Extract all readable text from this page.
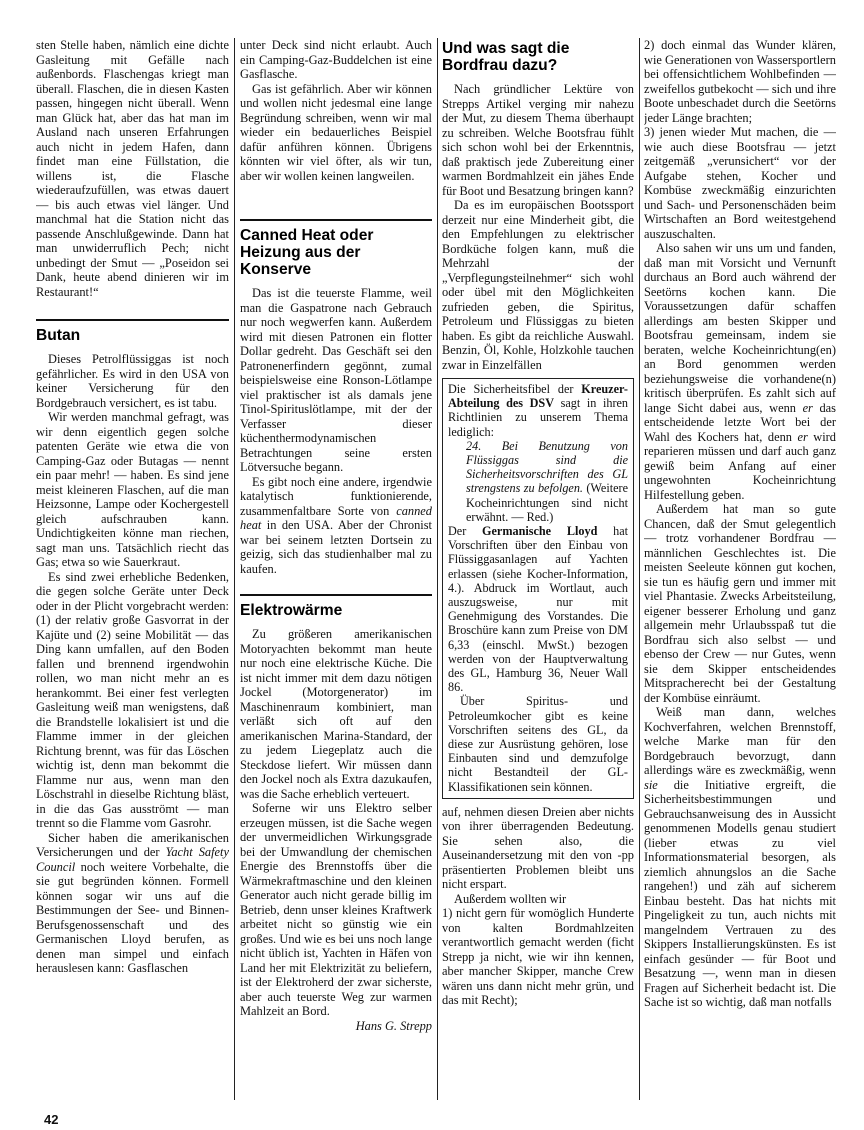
sten Stelle haben, nämlich eine dichte Gasleitung mit Gefälle nach außenbords. Flaschengas kriegt man überall. Flaschen, die in diesen Kasten passen, hingegen nicht überall. Wenn man Glück hat, aber das hat man im Ausland nach unseren Erfahrungen auch nicht in jedem Hafen, dann findet man eine Füllstation, die willens ist, die Flasche wiederaufzufüllen, was etwas dauert — bis auch etwas viel länger. Und manchmal hat die Station nicht das passende Anschlußgewinde. Dann hat man unwiderruflich Pech; nicht unbedingt der Smut — „Poseidon sei Dank, heute abend dinieren wir im Restaurant!“

Butan

Dieses Petrolflüssiggas ist noch gefährlicher. Es wird in den USA von keiner Versicherung für den Bordgebrauch versichert, es ist tabu.

Wir werden manchmal gefragt, was wir denn eigentlich gegen solche patenten Geräte wie etwa die von Camping-Gaz oder Butagas — nennt ein paar mehr! — haben. Es sind jene meist kleineren Flaschen, auf die man Heizsonne, Lampe oder Kochergestell gleich aufschrauben kann. Undichtigkeiten könne man riechen, sagt man uns. Tatsächlich riecht das Gas; etwa so wie Sauerkraut.

Es sind zwei erhebliche Bedenken, die gegen solche Geräte unter Deck oder in der Plicht vorgebracht werden: (1) der relativ große Gasvorrat in der Kajüte und (2) seine Mobilität — das Ding kann umfallen, auf den Boden fallen und brennend irgendwohin rollen, wo man nicht mehr an es herankommt. Bei einer fest verlegten Gasleitung weiß man wenigstens, daß die Brandstelle lokalisiert ist und die Flamme immer in der gleichen Richtung brennt, was für das Löschen wichtig ist, denn man bekommt die Flamme nur aus, wenn man den Löschstrahl in dieselbe Richtung bläst, in die das Gas ausströmt — man trennt so die Flamme vom Gasrohr.

Sicher haben die amerikanischen Versicherungen und der Yacht Safety Council noch weitere Vorbehalte, die sie gut begründen können. Formell können sogar wir uns auf die Bestimmungen der See- und Binnen-Berufsgenossenschaft und des Germanischen Lloyd berufen, as denen man simpel und einfach herauslesen kann: Gasflaschen

unter Deck sind nicht erlaubt. Auch ein Camping-Gaz-Buddelchen ist eine Gasflasche.

Gas ist gefährlich. Aber wir können und wollen nicht jedesmal eine lange Begründung schreiben, wenn wir mal wieder ein bedauerliches Beispiel dafür anführen können. Übrigens könnten wir viel öfter, als wir tun, aber wir wollen keinen langweilen.

Canned Heat oder Heizung aus der Konserve

Das ist die teuerste Flamme, weil man die Gaspatrone nach Gebrauch nur noch wegwerfen kann. Außerdem wird mit diesen Patronen ein flotter Dollar gedreht. Das Geschäft sei den Patronenerfindern gegönnt, zumal beispielsweise eine Ronson-Lötlampe viel praktischer ist als damals jene Tinol-Spirituslötlampe, mit der der Verfasser dieser küchenthermodynamischen Betrachtungen seine ersten Lötversuche begann.

Es gibt noch eine andere, irgendwie katalytisch funktionierende, zusammenfaltbare Sorte von canned heat in den USA. Aber der Chronist war bei seinem letzten Dortsein zu geizig, sich das studienhalber mal zu kaufen.

Elektrowärme

Zu größeren amerikanischen Motoryachten bekommt man heute nur noch eine elektrische Küche. Die ist nicht immer mit dem dazu nötigen Jockel (Motorgenerator) im Maschinenraum kombiniert, man verläßt sich oft auf den amerikanischen Marina-Standard, der zu jedem Liegeplatz auch die Steckdose liefert. Wir müssen dann den Jockel noch als Extra dazukaufen, was die Sache erheblich verteuert.

Soferne wir uns Elektro selber erzeugen müssen, ist die Sache wegen der unvermeidlichen Wirkungsgrade bei der Umwandlung der chemischen Energie des Brennstoffs über die Wärmekraftmaschine und den kleinen Generator auch nicht gerade billig im Betrieb, denn unser kleines Kraftwerk arbeitet nicht so günstig wie ein großes. Und wie es bei uns noch lange nicht üblich ist, Yachten in Häfen von Land her mit Elektrizität zu beliefern, ist der Elektroherd der zwar sicherste, aber auch teuerste Weg zur warmen Mahlzeit an Bord.

Hans G. Strepp

Und was sagt die Bordfrau dazu?

Nach gründlicher Lektüre von Strepps Artikel verging mir nahezu der Mut, zu diesem Thema überhaupt zu schreiben. Welche Bootsfrau fühlt sich schon wohl bei der Erkenntnis, daß praktisch jede Zubereitung einer warmen Bordmahlzeit ein jähes Ende für Boot und Besatzung bringen kann?

Da es im europäischen Bootssport derzeit nur eine Minderheit gibt, die den Empfehlungen zu elektrischer Bordküche folgen kann, muß die Mehrzahl der „Verpflegungsteilnehmer“ sich wohl oder übel mit den Möglichkeiten zufrieden geben, die Spiritus, Petroleum und Flüssiggas zu bieten haben. Es gibt da reichliche Auswahl. Benzin, Öl, Kohle, Holzkohle tauchen zwar in Einzelfällen

Die Sicherheitsfibel der Kreuzer-Abteilung des DSV sagt in ihren Richtlinien zu unserem Thema lediglich:

24. Bei Benutzung von Flüssiggas sind die Sicherheitsvorschriften des GL strengstens zu befolgen. (Weitere Kocheinrichtungen sind nicht erwähnt. — Red.)

Der Germanische Lloyd hat Vorschriften über den Einbau von Flüssiggasanlagen auf Yachten erlassen (siehe Kocher-Information, 4.). Abdruck im Wortlaut, auch auszugsweise, nur mit Genehmigung des Vorstandes. Die Broschüre kann zum Preise von DM 6,33 (einschl. MwSt.) bezogen werden von der Hauptverwaltung des GL, Hamburg 36, Neuer Wall 86.

Über Spiritus- und Petroleumkocher gibt es keine Vorschriften seitens des GL, da diese zur Ausrüstung gehören, lose Einbauten sind und demzufolge nicht Bestandteil der GL-Klassifikationen sein können.

auf, nehmen diesen Dreien aber nichts von ihrer überragenden Bedeutung. Sie sehen also, die Auseinandersetzung mit den von -pp präsentierten Problemen bleibt uns nicht erspart.

Außerdem wollten wir

1) nicht gern für womöglich Hunderte von kalten Bordmahlzeiten verantwortlich gemacht werden (ficht Strepp ja nicht, wie wir ihn kennen, aber mancher Skipper, manche Crew wären uns dann nicht mehr grün, und das mit Recht);

2) doch einmal das Wunder klären, wie Generationen von Wassersportlern bei offensichtlichem Wohlbefinden — zweifellos gutbekocht — sich und ihre Boote unbeschadet durch die Seetörns jeder Länge brachten;

3) jenen wieder Mut machen, die — wie auch diese Bootsfrau — jetzt zeitgemäß „verunsichert“ vor der Aufgabe stehen, Kocher und Kombüse zweckmäßig einzurichten und Sach- und Personenschäden beim Wirtschaften an Bord weitestgehend auszuschalten.

Also sahen wir uns um und fanden, daß man mit Vorsicht und Vernunft durchaus an Bord auch während der Seetörns kochen kann. Die Voraussetzungen dafür schaffen allerdings am besten Skipper und Bootsfrau gemeinsam, indem sie beraten, welche Kocheinrichtung(en) an Bord genommen werden beziehungsweise die vorhandene(n) kritisch überprüfen. Es zahlt sich auf lange Sicht dabei aus, wenn er das entscheidende letzte Wort bei der Wahl des Kochers hat, denn er wird reparieren müssen und darf auch ganz gewiß beim Anfang auf einer ungewohnten Kocheinrichtung Hilfestellung geben.

Außerdem hat man so gute Chancen, daß der Smut gelegentlich — trotz vorhandener Bordfrau — männlichen Geschlechtes ist. Die meisten Seeleute können gut kochen, sie tun es häufig gern und immer mit viel Phantasie. Zwecks Arbeitsteilung, eigener besserer Erholung und ganz allgemein mehr Urlaubsspaß tut die Bordfrau sich also selbst — und ebenso der Crew — nur Gutes, wenn sie dem Skipper entscheidendes Mitspracherecht bei der Gestaltung der Kombüse einräumt.

Weiß man dann, welches Kochverfahren, welchen Brennstoff, welche Marke man für den Bordgebrauch bevorzugt, dann allerdings wäre es zweckmäßig, wenn sie die Initiative ergreift, die Sicherheitsbestimmungen und Gebrauchsanweisung des in Aussicht genommenen Modells genau studiert (lieber etwas zu viel Informationsmaterial besorgen, als ziemlich ahnungslos an die Sache rangehen!) und zäh auf sicherem Einbau besteht. Das hat nichts mit Pingeligkeit zu tun, auch nichts mit mangelndem Vertrauen zu des Skippers Installierungskünsten. Es ist einfach gesünder — für Boot und Besatzung —, wenn man in diesen Fragen auf Sicherheit bedacht ist. Die Sache ist so wichtig, daß man notfalls

42
